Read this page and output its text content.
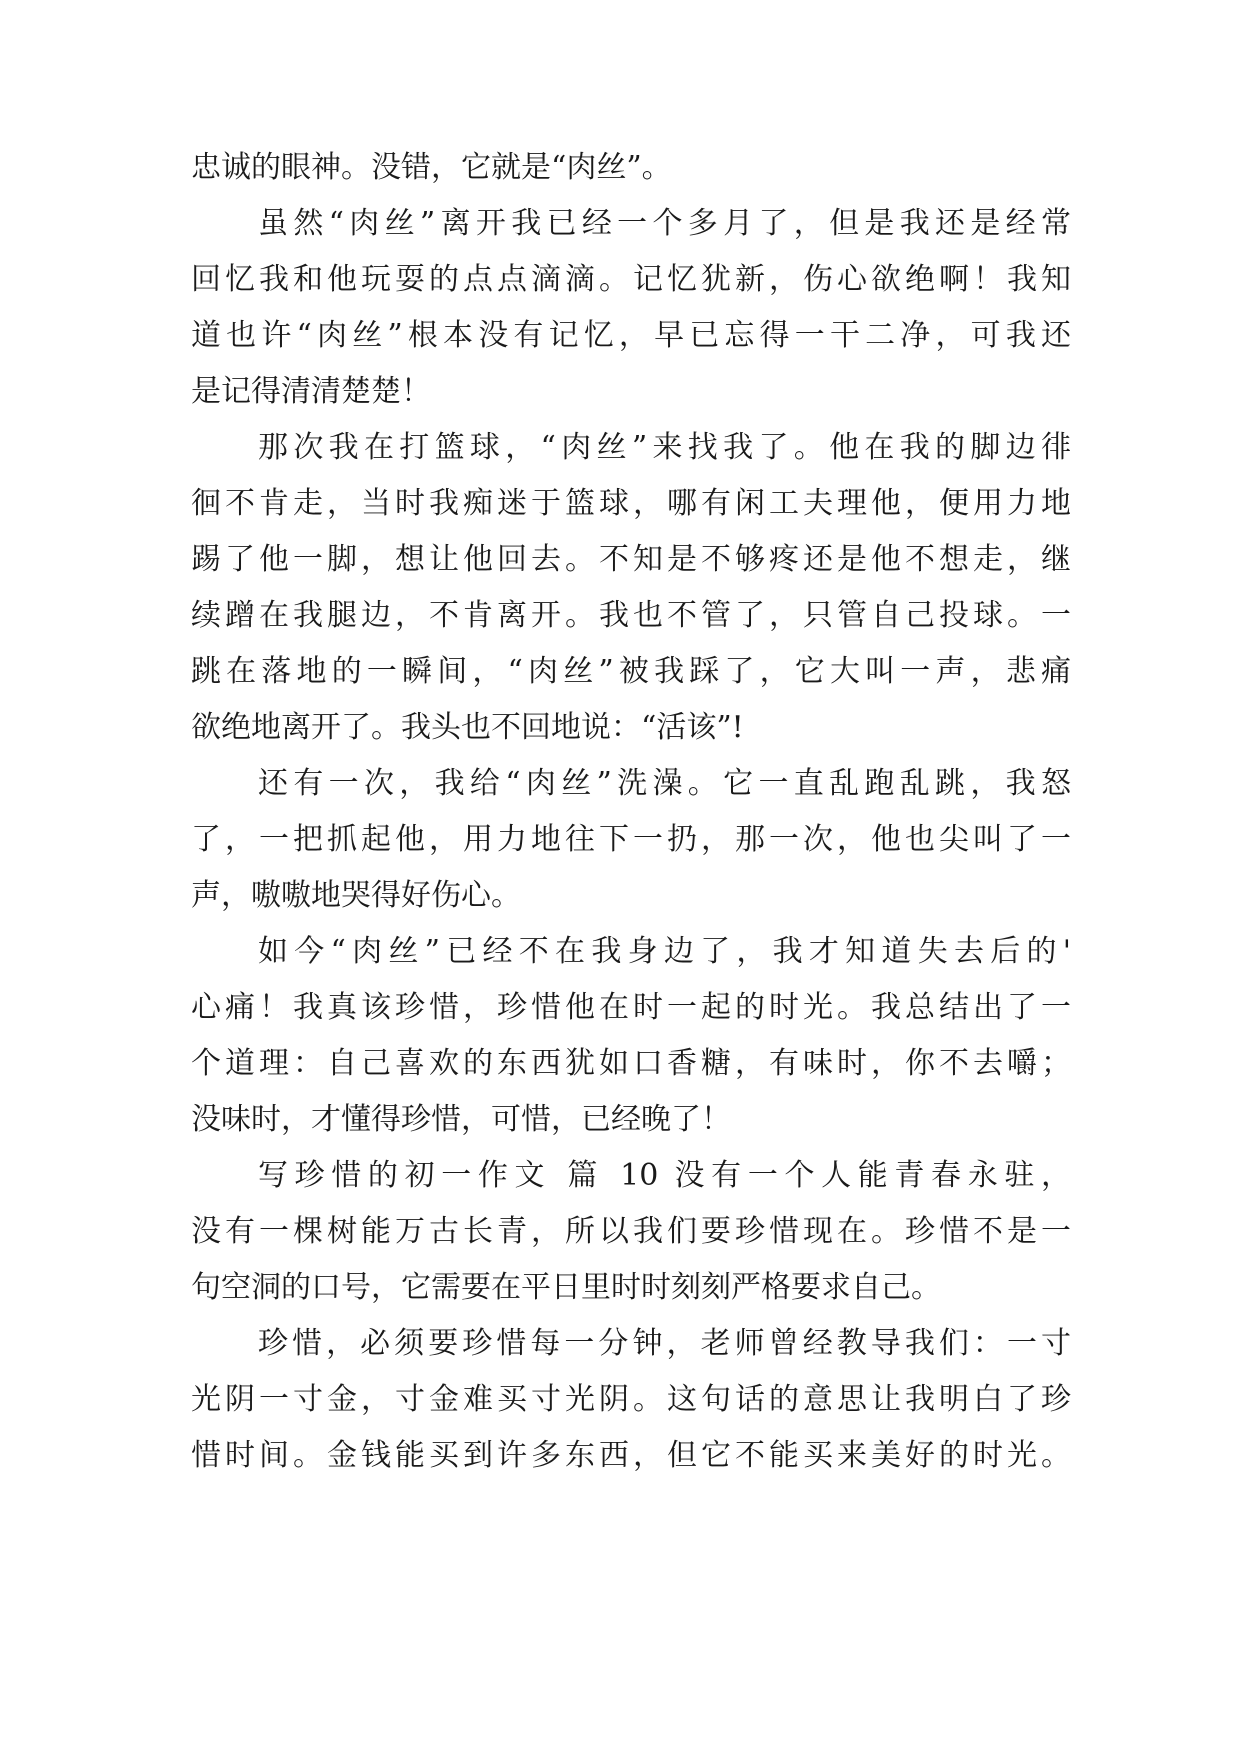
忠诚的眼神。没错，它就是“肉丝”。
虽然“肉丝”离开我已经一个多月了，但是我还是经常
回忆我和他玩耍的点点滴滴。记忆犹新，伤心欲绝啊！我知
道也许“肉丝”根本没有记忆，早已忘得一干二净，可我还
是记得清清楚楚！
那次我在打篮球，“肉丝”来找我了。他在我的脚边徘
徊不肯走，当时我痴迷于篮球，哪有闲工夫理他，便用力地
踢了他一脚，想让他回去。不知是不够疼还是他不想走，继
续蹭在我腿边，不肯离开。我也不管了，只管自己投球。一
跳在落地的一瞬间，“肉丝”被我踩了，它大叫一声，悲痛
欲绝地离开了。我头也不回地说：“活该”!
还有一次，我给“肉丝”洗澡。它一直乱跑乱跳，我怒
了，一把抓起他，用力地往下一扔，那一次，他也尖叫了一
声，嗷嗷地哭得好伤心。
如今“肉丝”已经不在我身边了，我才知道失去后的'
心痛！我真该珍惜，珍惜他在时一起的时光。我总结出了一
个道理：自己喜欢的东西犹如口香糖，有味时，你不去嚼；
没味时，才懂得珍惜，可惜，已经晚了！
写珍惜的初一作文 篇 10 没有一个人能青春永驻，
没有一棵树能万古长青，所以我们要珍惜现在。珍惜不是一
句空洞的口号，它需要在平日里时时刻刻严格要求自己。
珍惜，必须要珍惜每一分钟，老师曾经教导我们：一寸
光阴一寸金，寸金难买寸光阴。这句话的意思让我明白了珍
惜时间。金钱能买到许多东西，但它不能买来美好的时光。
